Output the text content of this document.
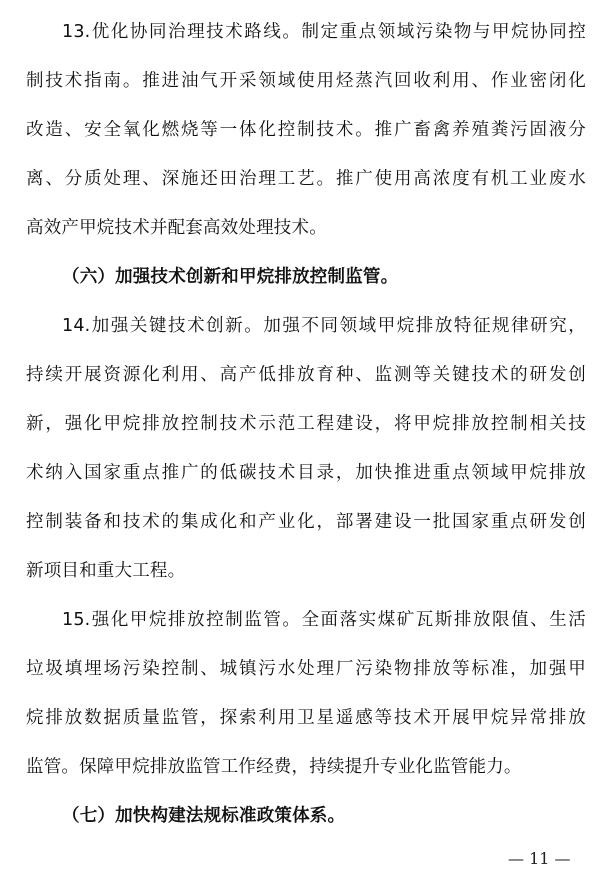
13.优化协同治理技术路线。制定重点领域污染物与甲烷协同控
制技术指南。推进油气开采领域使用烃蒸汽回收利用、作业密闭化
改造、安全氧化燃烧等一体化控制技术。推广畜禽养殖粪污固液分
离、分质处理、深施还田治理工艺。推广使用高浓度有机工业废水
高效产甲烷技术并配套高效处理技术。
（六）加强技术创新和甲烷排放控制监管。
14.加强关键技术创新。加强不同领域甲烷排放特征规律研究，
持续开展资源化利用、高产低排放育种、监测等关键技术的研发创
新，强化甲烷排放控制技术示范工程建设，将甲烷排放控制相关技
术纳入国家重点推广的低碳技术目录，加快推进重点领域甲烷排放
控制装备和技术的集成化和产业化，部署建设一批国家重点研发创
新项目和重大工程。
15.强化甲烷排放控制监管。全面落实煤矿瓦斯排放限值、生活
垃圾填埋场污染控制、城镇污水处理厂污染物排放等标准，加强甲
烷排放数据质量监管，探索利用卫星遥感等技术开展甲烷异常排放
监管。保障甲烷排放监管工作经费，持续提升专业化监管能力。
（七）加快构建法规标准政策体系。
— 11 —
